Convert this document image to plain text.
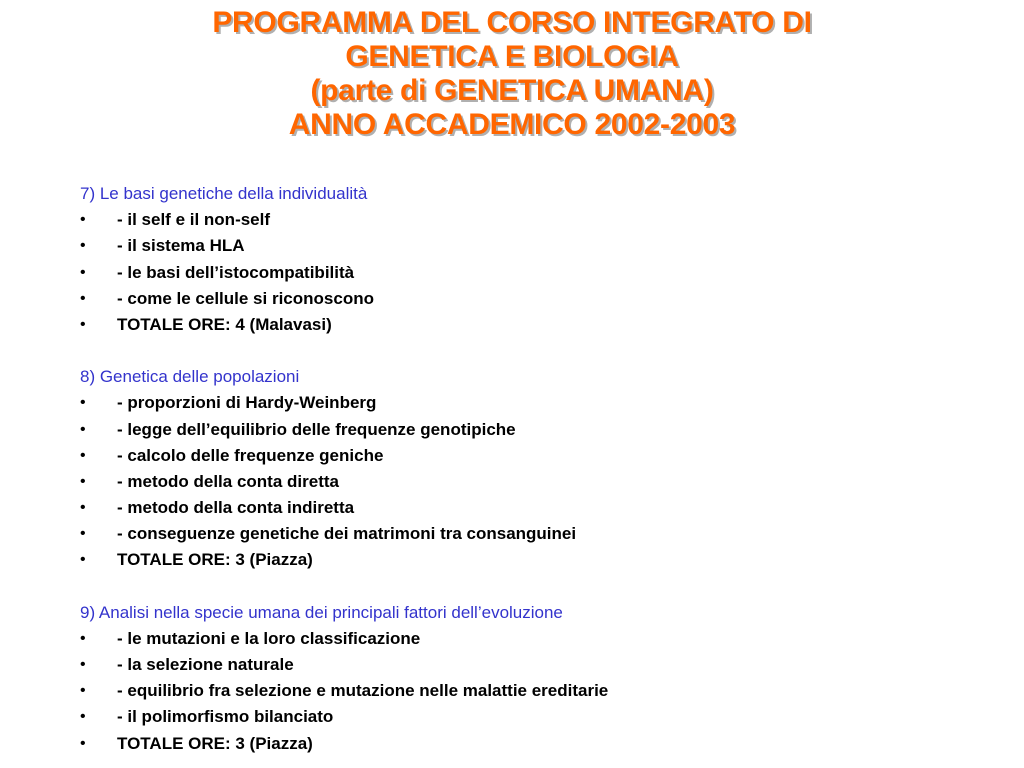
PROGRAMMA DEL CORSO INTEGRATO DI
GENETICA E BIOLOGIA
(parte di GENETICA UMANA)
ANNO ACCADEMICO 2002-2003
7) Le basi genetiche della individualità
• - il self e il non-self
• - il sistema HLA
• - le basi dell’istocompatibilità
• - come le cellule si riconoscono
• TOTALE ORE: 4 (Malavasi)
8) Genetica delle popolazioni
• - proporzioni di Hardy-Weinberg
• - legge dell’equilibrio delle frequenze genotipiche
• - calcolo delle frequenze geniche
• - metodo della conta diretta
• - metodo della conta indiretta
• - conseguenze genetiche dei matrimoni tra consanguinei
• TOTALE ORE: 3 (Piazza)
9) Analisi nella specie umana dei principali fattori dell’evoluzione
• - le mutazioni e la loro classificazione
• - la selezione naturale
• - equilibrio fra selezione e mutazione nelle malattie ereditarie
• - il polimorfismo bilanciato
• TOTALE ORE: 3 (Piazza)
